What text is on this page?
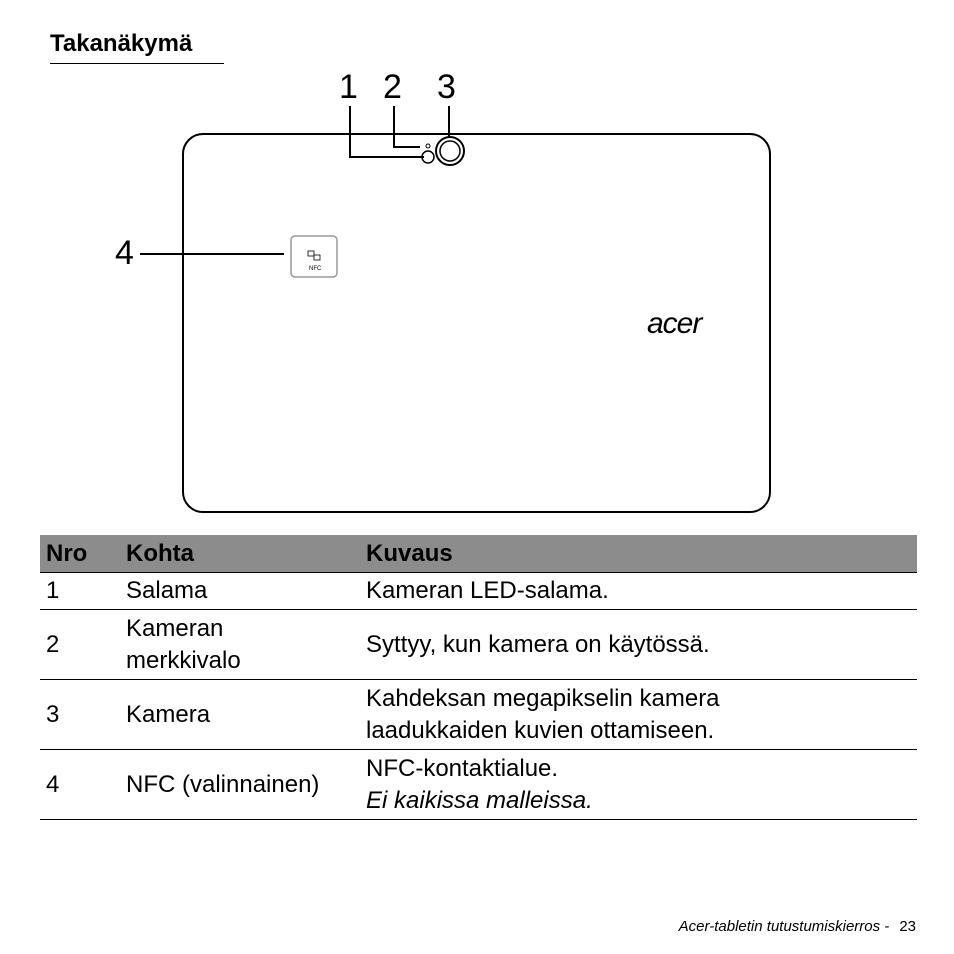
Takanäkymä
1 2 3
4	NFC
acer
Nro	Kohta	Kuvaus
1	Salama	Kameran LED-salama.

2	Kameran
merkkivalo	Syttyy, kun kamera on käytössä.

3	Kamera	Kahdeksan megapikselin kamera
laadukkaiden kuvien ottamiseen.

4	NFC (valinnainen)	NFC-kontaktialue.
Ei kaikissa malleissa.
Acer-tabletin tutustumiskierros - 23
